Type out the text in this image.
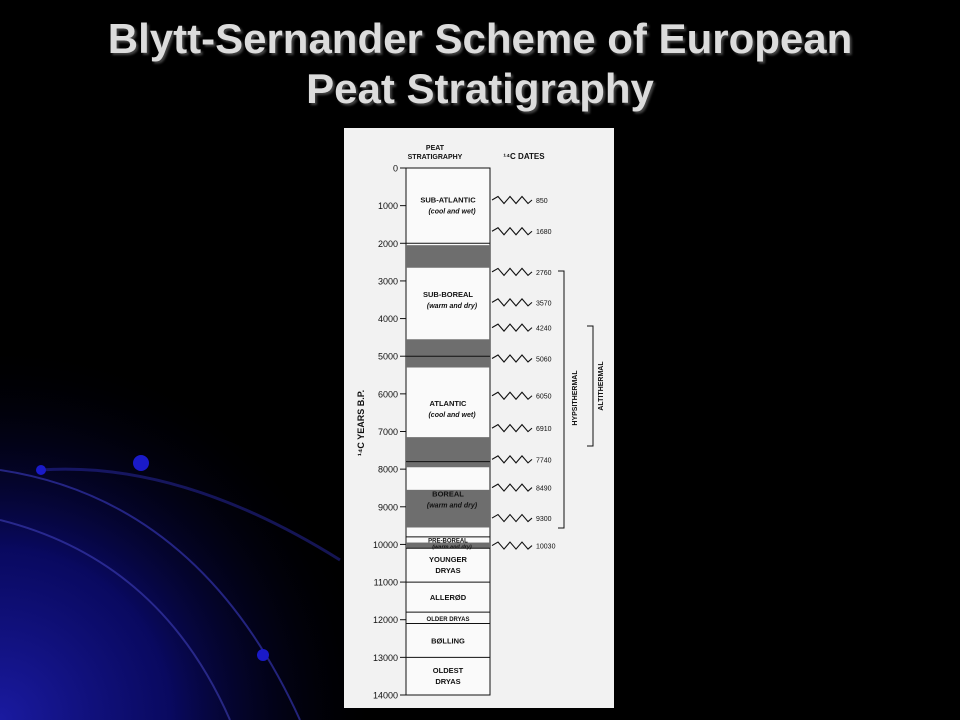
Blytt-Sernander Scheme of European
Peat Stratigraphy
PEAT
STRATIGRAPHY	¹⁴C DATES
¹⁴C YEARS B.P.
SUB-ATLANTIC
(cool and wet)
SUB-BOREAL
(warm and dry)
ATLANTIC
(cool and wet)
BOREAL
(warm and dry)
PRE-BOREAL
(warm and dry)
YOUNGER
DRYAS
ALLERØD
OLDER DRYAS
BØLLING
OLDEST
DRYAS
0
1000
2000
3000
4000
5000
6000
7000
8000
9000
10000
11000
12000
13000
14000
850
1680
2760
3570
4240
5060
6050
6910
7740
8490
9300
10030
HYPSITHERMAL	ALTITHERMAL
